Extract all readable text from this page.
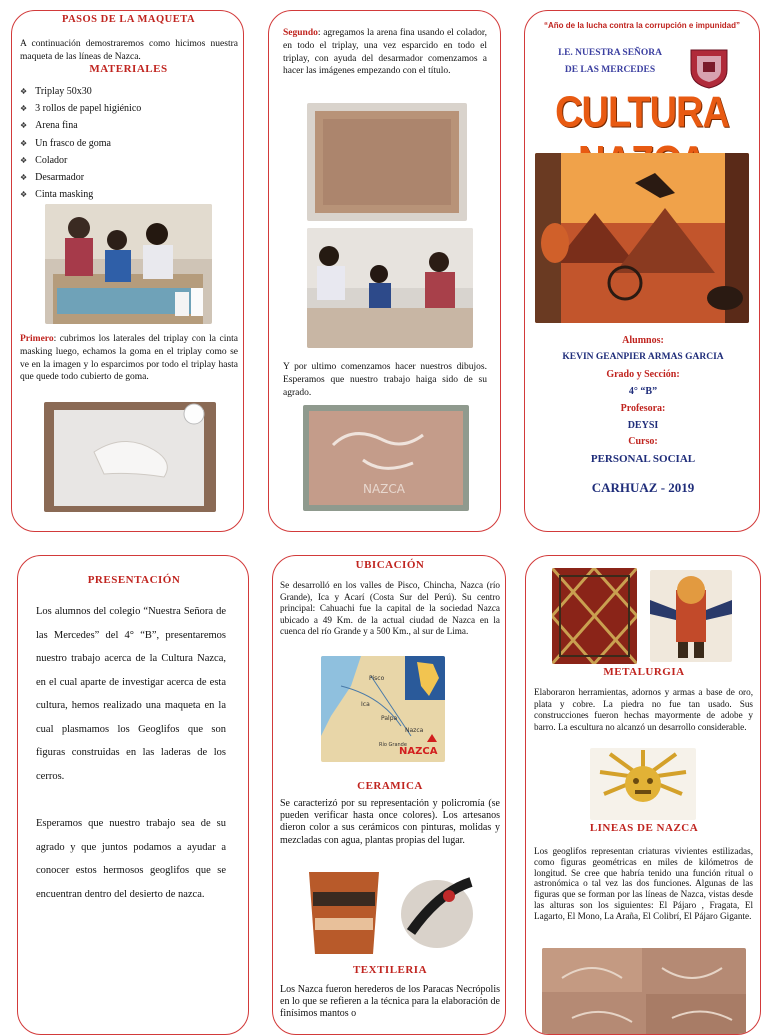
PASOS DE LA MAQUETA
A continuación demostraremos como hicimos nuestra maqueta de las líneas de Nazca.
MATERIALES
❖ Triplay 50x30
❖ 3 rollos de papel higiénico
❖ Arena fina
❖ Un frasco de goma
❖ Colador
❖ Desarmador
❖ Cinta masking
Primero: cubrimos los laterales del triplay con la cinta masking luego, echamos la goma en el triplay como se ve en la imagen y lo esparcimos por todo el triplay hasta que quede todo cubierto de goma.
Segundo: agregamos la arena fina usando el colador, en todo el triplay, una vez esparcido en todo el triplay, con ayuda del desarmador comenzamos a hacer las imágenes empezando con el título.
Y por ultimo comenzamos hacer nuestros dibujos. Esperamos que nuestro trabajo haiga sido de su agrado.
NAZCA
“Año de la lucha contra la corrupción e impunidad”
I.E. NUESTRA SEÑORA
DE LAS MERCEDES
CULTURA
Alumnos:
KEVIN GEANPIER ARMAS GARCIA
Grado y Sección:
4° “B”
Profesora:
DEYSI
Curso:
PERSONAL SOCIAL
CARHUAZ - 2019
PRESENTACIÓN
Los alumnos del colegio “Nuestra Señora de las Mercedes” del 4° “B”, presentaremos nuestro trabajo acerca de la Cultura Nazca, en el cual aparte de investigar acerca de esta cultura, hemos realizado una maqueta en la cual plasmamos los Geoglifos que son figuras construidas en las laderas de los cerros.
Esperamos que nuestro trabajo sea de su agrado y que juntos podamos a ayudar a conocer estos hermosos geoglifos que se encuentran dentro del desierto de nazca.
UBICACIÓN
Se desarrolló en los valles de Pisco, Chincha, Nazca (río Grande), Ica y Acarí (Costa Sur del Perú). Su centro principal: Cahuachi fue la capital de la sociedad Nazca ubicado a 49 Km. de la actual ciudad de Nazca en la cuenca del río Grande y a 500 Km., al sur de Lima.
Pisco
Ica
Palpa
Nazca
Río Grande
NAZCA
CERAMICA
Se caracterizó por su representación y policromía (se pueden verificar hasta once colores). Los artesanos dieron color a sus cerámicos con pinturas, molidas y mezcladas con agua, plantas propias del lugar.
TEXTILERIA
Los Nazca fueron herederos de los Paracas Necrópolis en lo que se refieren a la técnica para la elaboración de finísimos mantos o
METALURGIA
Elaboraron herramientas, adornos y armas a base de oro, plata y cobre. La piedra no fue tan usado. Sus construcciones fueron hechas mayormente de adobe y barro. La escultura no alcanzó un desarrollo considerable.
LINEAS DE NAZCA
Los geoglifos representan criaturas vivientes estilizadas, como figuras geométricas en miles de kilómetros de longitud. Se cree que habría tenido una función ritual o astronómica o tal vez las dos funciones. Algunas de las figuras que se forman por las líneas de Nazca, vistas desde las alturas son los siguientes: El Pájaro , Fragata, El Lagarto, El Mono, La Araña, El Colibrí, El Pájaro Gigante.
